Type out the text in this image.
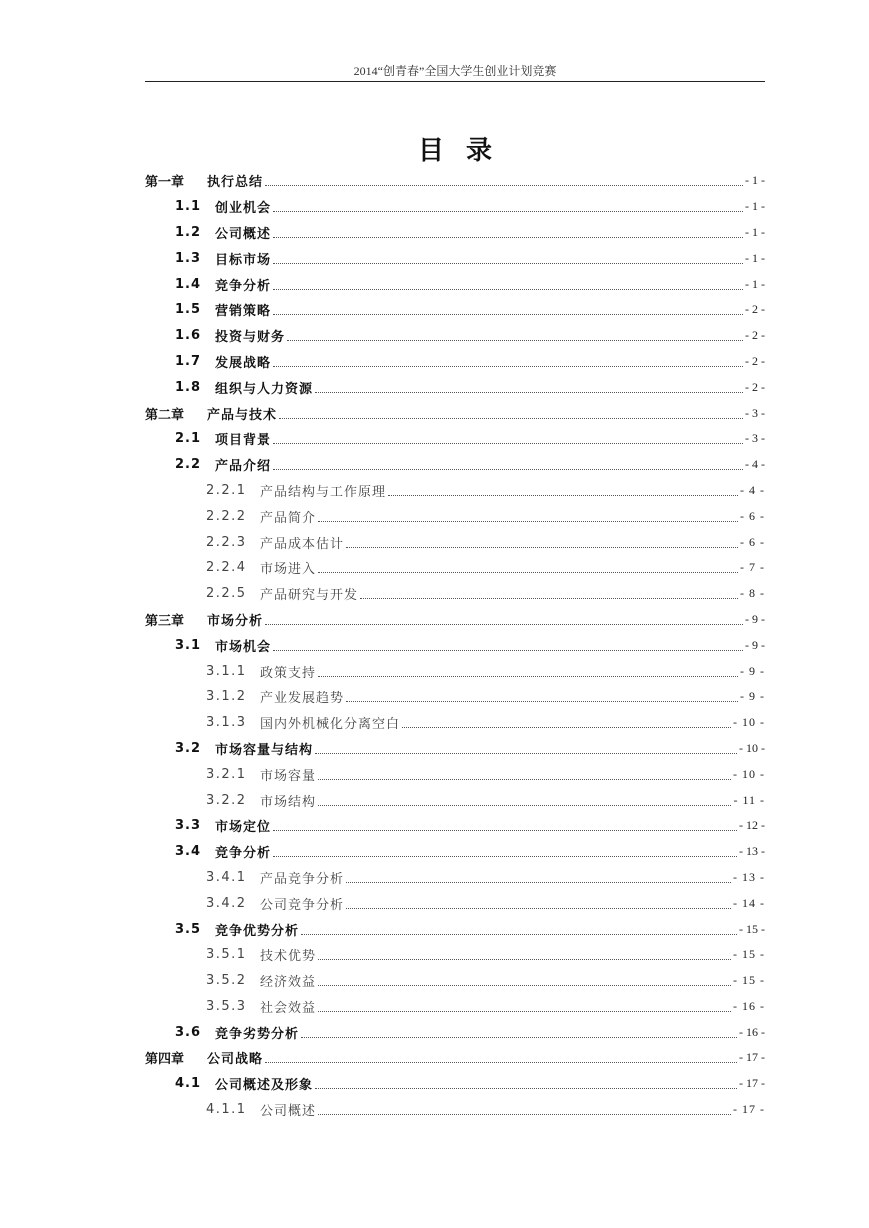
2014“创青春”全国大学生创业计划竞赛
目录
第一章	执行总结	- 1 -
1.1	创业机会	- 1 -
1.2	公司概述	- 1 -
1.3	目标市场	- 1 -
1.4	竞争分析	- 1 -
1.5	营销策略	- 2 -
1.6	投资与财务	- 2 -
1.7	发展战略	- 2 -
1.8	组织与人力资源	- 2 -
第二章	产品与技术	- 3 -
2.1	项目背景	- 3 -
2.2	产品介绍	- 4 -
2.2.1	产品结构与工作原理	- 4 -
2.2.2	产品简介	- 6 -
2.2.3	产品成本估计	- 6 -
2.2.4	市场进入	- 7 -
2.2.5	产品研究与开发	- 8 -
第三章	市场分析	- 9 -
3.1	市场机会	- 9 -
3.1.1	政策支持	- 9 -
3.1.2	产业发展趋势	- 9 -
3.1.3	国内外机械化分离空白	- 10 -
3.2	市场容量与结构	- 10 -
3.2.1	市场容量	- 10 -
3.2.2	市场结构	- 11 -
3.3	市场定位	- 12 -
3.4	竞争分析	- 13 -
3.4.1	产品竞争分析	- 13 -
3.4.2	公司竞争分析	- 14 -
3.5	竞争优势分析	- 15 -
3.5.1	技术优势	- 15 -
3.5.2	经济效益	- 15 -
3.5.3	社会效益	- 16 -
3.6	竞争劣势分析	- 16 -
第四章	公司战略	- 17 -
4.1	公司概述及形象	- 17 -
4.1.1	公司概述	- 17 -
